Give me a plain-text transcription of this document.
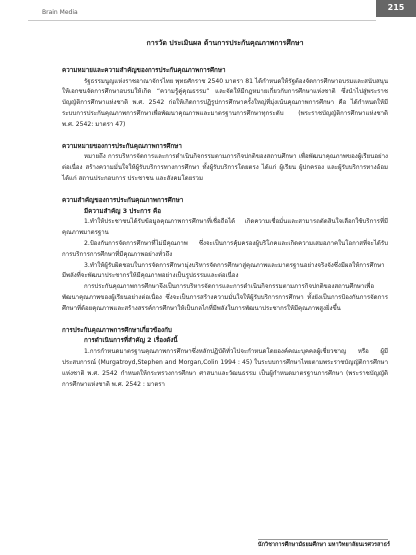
Brain Media
215
การวัด ประเมินผล ด้านการประกันคุณภาพการศึกษา
ความหมายและความสำคัญของการประกันคุณภาพการศึกษา

รัฐธรรมนูญแห่งราชอาณาจักรไทย พุทธศักราช 2540 มาตรา 81 ได้กำหนดให้รัฐต้องจัดการศึกษาอบรมและสนับสนุนให้เอกชนจัดการศึกษาอบรมให้เกิด “ความรู้คู่คุณธรรม” และจัดให้มีกฎหมายเกี่ยวกับการศึกษาแห่งชาติ ซึ่งนำไปสู่พระราชบัญญัติการศึกษาแห่งชาติ พ.ศ. 2542 ก่อให้เกิดการปฏิรูปการศึกษาครั้งใหญ่ที่มุ่งเน้นคุณภาพการศึกษา คือ ได้กำหนดให้มีระบบการประกันคุณภาพการศึกษาเพื่อพัฒนาคุณภาพและมาตรฐานการศึกษาทุกระดับ (พระราชบัญญัติการศึกษาแห่งชาติ พ.ศ. 2542: มาตรา 47)

ความหมายของการประกันคุณภาพการศึกษา

หมายถึง การบริหารจัดการและการดำเนินกิจกรรมตามภารกิจปกติของสถานศึกษา เพื่อพัฒนาคุณภาพของผู้เรียนอย่างต่อเนื่อง สร้างความมั่นใจให้ผู้รับบริการทางการศึกษา ทั้งผู้รับบริการโดยตรง ได้แก่ ผู้เรียน ผู้ปกครอง และผู้รับบริการทางอ้อม ได้แก่ สถานประกอบการ ประชาชน และสังคมโดยรวม

ความสำคัญของการประกันคุณภาพการศึกษา
มีความสำคัญ 3 ประการ คือ

1.ทำให้ประชาชนได้รับข้อมูลคุณภาพการศึกษาที่เชื่อถือได้ เกิดความเชื่อมั่นและสามารถตัดสินใจเลือกใช้บริการที่มีคุณภาพมาตรฐาน

2.ป้องกันการจัดการศึกษาที่ไม่มีคุณภาพ ซึ่งจะเป็นการคุ้มครองผู้บริโภคและเกิดความเสมอภาคในโอกาสที่จะได้รับการบริการการศึกษาที่มีคุณภาพอย่างทั่วถึง

3.ทำให้ผู้รับผิดชอบในการจัดการศึกษามุ่งบริหารจัดการศึกษาสู่คุณภาพและมาตรฐานอย่างจริงจังซึ่งมีผลให้การศึกษามีพลังที่จะพัฒนาประชากรให้มีคุณภาพอย่างเป็นรูปธรรมและต่อเนื่อง

การประกันคุณภาพการศึกษาจึงเป็นการบริหารจัดการและการดำเนินกิจกรรมตามภารกิจปกติของสถานศึกษาเพื่อพัฒนาคุณภาพของผู้เรียนอย่างต่อเนื่อง ซึ่งจะเป็นการสร้างความมั่นใจให้ผู้รับบริการการศึกษา ทั้งยังเป็นการป้องกันการจัดการศึกษาที่ด้อยคุณภาพและสร้างสรรค์การศึกษาให้เป็นกลไกที่มีพลังในการพัฒนาประชากรให้มีคุณภาพสูงยิ่งขึ้น

การประกันคุณภาพการศึกษาเกี่ยวข้องกับ
การดำเนินการที่สำคัญ 2 เรื่องดังนี้

1.การกำหนดมาตรฐานคุณภาพการศึกษาซึ่งหลักปฏิบัติทั่วไปจะกำหนดโดยองค์คณะบุคคลผู้เชี่ยวชาญ หรือ ผู้มีประสบการณ์ (Murgatroyd,Stephen and Morgan,Colin 1994 : 45) ในระบบการศึกษาไทยตามพระราชบัญญัติการศึกษาแห่งชาติ พ.ศ. 2542 กำหนดให้กระทรวงการศึกษา ศาสนาและวัฒนธรรม เป็นผู้กำหนดมาตรฐานการศึกษา (พระราชบัญญัติการศึกษาแห่งชาติ พ.ศ. 2542 : มาตรา

นักวิชาการศึกษามัธยมศึกษา มหาวิทยาลัยนเรศวรสาธร์
